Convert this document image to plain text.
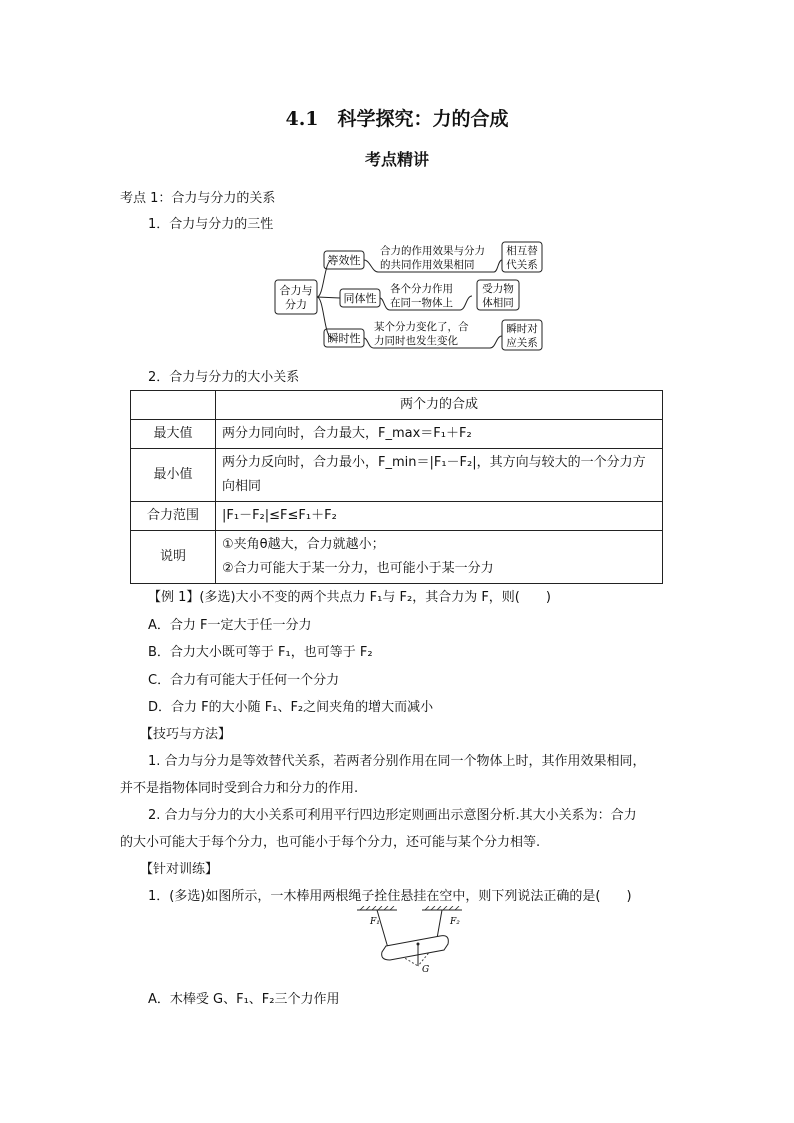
4.1　科学探究：力的合成
考点精讲
考点 1：合力与分力的关系
1．合力与分力的三性
合力与
分力
等效性
合力的作用效果与分力
的共同作用效果相同
相互替
代关系
同体性
各个分力作用
在同一物体上
受力物
体相同
瞬时性
某个分力变化了，合
力同时也发生变化
瞬时对
应关系
2．合力与分力的大小关系
	两个力的合成
最大值	两分力同向时，合力最大，F_max＝F₁＋F₂
最小值	两分力反向时，合力最小，F_min＝|F₁－F₂|，其方向与较大的一个分力方
向相同

合力范围	|F₁－F₂|≤F≤F₁＋F₂
说明	①夹角θ越大，合力就越小；
②合力可能大于某一分力，也可能小于某一分力
【例 1】(多选)大小不变的两个共点力 F₁与 F₂，其合力为 F，则(　　)
A．合力 F一定大于任一分力
B．合力大小既可等于 F₁，也可等于 F₂
C．合力有可能大于任何一个分力
D．合力 F的大小随 F₁、F₂之间夹角的增大而减小
【技巧与方法】
1. 合力与分力是等效替代关系，若两者分别作用在同一个物体上时，其作用效果相同，
并不是指物体同时受到合力和分力的作用.
2. 合力与分力的大小关系可利用平行四边形定则画出示意图分析.其大小关系为：合力
的大小可能大于每个分力，也可能小于每个分力，还可能与某个分力相等.
【针对训练】
1．(多选)如图所示，一木棒用两根绳子拴住悬挂在空中，则下列说法正确的是(　　)
F₁	F₂
G
A．木棒受 G、F₁、F₂三个力作用
